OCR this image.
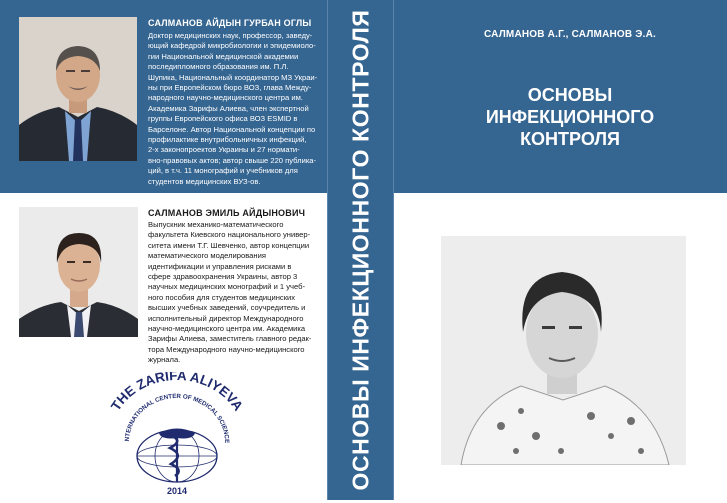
ОСНОВЫ ИНФЕКЦИОННОГО КОНТРОЛЯ
САЛМАНОВ АЙДЫН ГУРБАН ОГЛЫ
Доктор медицинских наук, профессор, заведу-
ющий кафедрой микробиологии и эпидемиоло-
гии Национальной медицинской академии
последипломного образования им. П.Л.
Шупика, Национальный координатор МЗ Украи-
ны при Европейском бюро ВОЗ, глава Между-
народного научно-медицинского центра им.
Академика Зарифы Алиева, член экспертной
группы Европейского офиса ВОЗ ESMID в
Барселоне. Автор Национальной концепции по
профилактике внутрибольничных инфекций,
2-х законопроектов Украины и 27 нормати-
вно-правовых актов; автор свыше 220 публика-
ций, в т.ч. 11 монографий и учебников для
студентов медицинских ВУЗ-ов.
САЛМАНОВ ЭМИЛЬ АЙДЫНОВИЧ
Выпускник механико-математического
факультета Киевского национального универ-
ситета имени Т.Г. Шевченко, автор концепции
математического моделирования
идентификации и управления рисками в
сфере здравоохранения Украины, автор 3
научных медицинских монографий и 1 учеб-
ного пособия для студентов медицинских
высших учебных заведений, соучредитель и
исполнительный директор Международного
научно-медицинского центра им. Академика
Зарифы Алиева, заместитель главного редак-
тора Международного научно-медицинского
журнала.
THE ZARIFA ALIYEVA
NTERNATIONAL CENTER OF MEDICAL SCIENCE
2014
САЛМАНОВ А.Г., САЛМАНОВ Э.А.
ОСНОВЫ
ИНФЕКЦИОННОГО
КОНТРОЛЯ
